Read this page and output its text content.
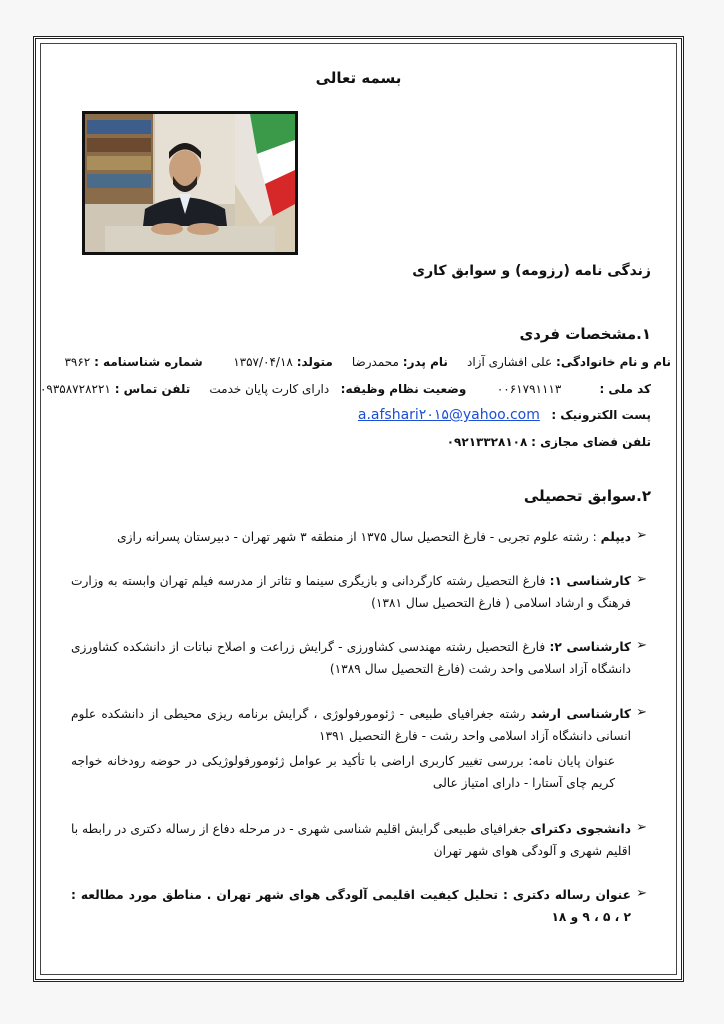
بسمه تعالی
زندگی نامه (رزومه) و سوابق کاری
۱.مشخصات فردی
نام و نام خانوادگی: علی افشاری آزاد     نام پدر: محمدرضا     متولد: ۱۳۵۷/۰۴/۱۸        شماره شناسنامه : ۳۹۶۲
کد ملی :          ۰۰۶۱۷۹۱۱۱۳        وضعیت نظام وظیفه:   دارای کارت پایان خدمت     تلفن تماس : ۰۹۳۵۸۷۲۸۲۲۱
پست الکترونیک :   a.afshari۲۰۱۵@yahoo.com
تلفن فضای مجازی : ۰۹۲۱۳۳۲۸۱۰۸
۲.سوابق تحصیلی
➢
دیپلم : رشته علوم تجربی - فارغ التحصیل سال ۱۳۷۵ از منطقه ۳ شهر تهران - دبیرستان پسرانه رازی
➢
کارشناسی ۱: فارغ التحصیل رشته کارگردانی و بازیگری سینما و تئاتر از مدرسه فیلم تهران وابسته به وزارت فرهنگ و ارشاد اسلامی ( فارغ التحصیل سال ۱۳۸۱)
➢
کارشناسی ۲: فارغ التحصیل رشته مهندسی کشاورزی - گرایش زراعت و اصلاح نباتات از دانشکده کشاورزی دانشگاه آزاد اسلامی واحد رشت (فارغ التحصیل سال ۱۳۸۹)
➢
کارشناسی ارشد رشته جغرافیای طبیعی - ژئومورفولوژی ، گرایش برنامه ریزی محیطی از دانشکده علوم انسانی دانشگاه آزاد اسلامی واحد رشت - فارغ التحصیل ۱۳۹۱
عنوان پایان نامه: بررسی تغییر کاربری اراضی با تأکید بر عوامل ژئومورفولوژیکی در حوضه رودخانه خواجه کریم چای آستارا - دارای امتیاز عالی
➢
دانشجوی دکترای جغرافیای طبیعی گرایش اقلیم شناسی شهری - در مرحله دفاع از رساله دکتری در رابطه با اقلیم شهری و آلودگی هوای شهر تهران
➢
عنوان رساله دکتری : تحلیل کیفیت اقلیمی آلودگی هوای شهر تهران . مناطق مورد مطالعه : ۲ ، ۵ ، ۹ و ۱۸
